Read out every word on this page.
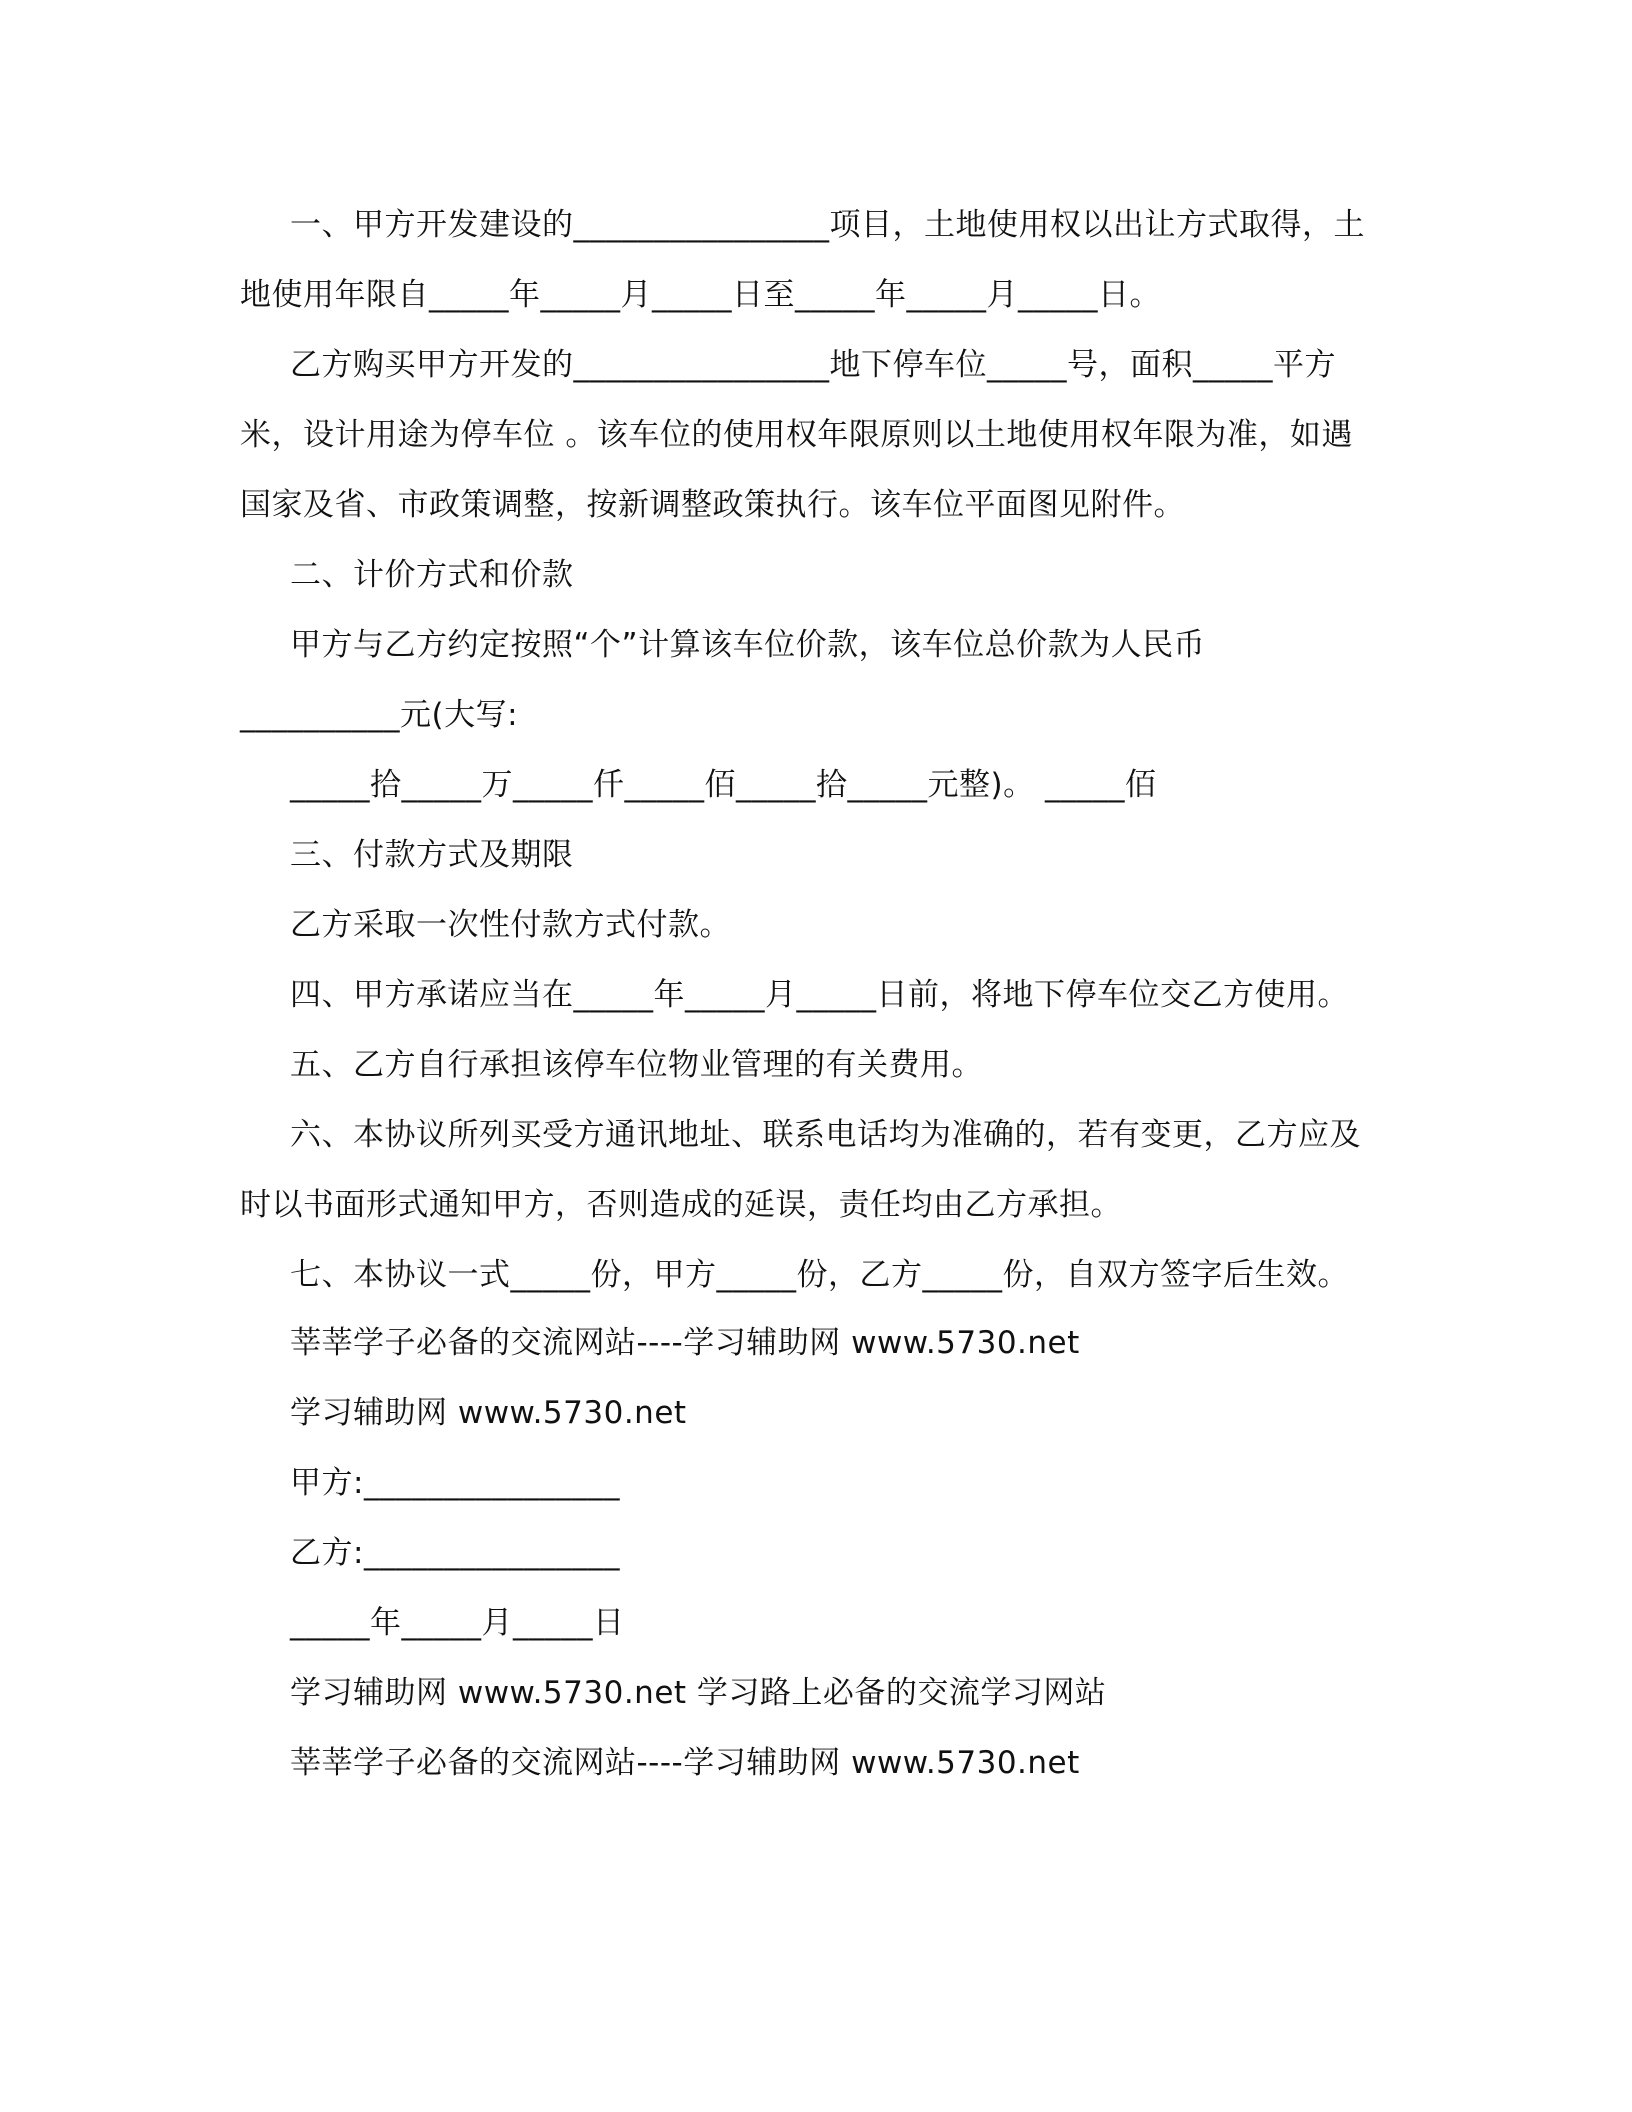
一、甲方开发建设的________________项目，土地使用权以出让方式取得，土
地使用年限自_____年_____月_____日至_____年_____月_____日。
乙方购买甲方开发的________________地下停车位_____号，面积_____平方
米，设计用途为停车位 。该车位的使用权年限原则以土地使用权年限为准，如遇
国家及省、市政策调整，按新调整政策执行。该车位平面图见附件。
二、计价方式和价款
甲方与乙方约定按照“个”计算该车位价款，该车位总价款为人民币
__________元(大写:
_____拾_____万_____仟_____佰_____拾_____元整)。 _____佰
三、付款方式及期限
乙方采取一次性付款方式付款。
四、甲方承诺应当在_____年_____月_____日前，将地下停车位交乙方使用。
五、乙方自行承担该停车位物业管理的有关费用。
六、本协议所列买受方通讯地址、联系电话均为准确的，若有变更，乙方应及
时以书面形式通知甲方，否则造成的延误，责任均由乙方承担。
七、本协议一式_____份，甲方_____份，乙方_____份，自双方签字后生效。
莘莘学子必备的交流网站----学习辅助网 www.5730.net
学习辅助网 www.5730.net
甲方:________________
乙方:________________
_____年_____月_____日
学习辅助网 www.5730.net 学习路上必备的交流学习网站
莘莘学子必备的交流网站----学习辅助网 www.5730.net
